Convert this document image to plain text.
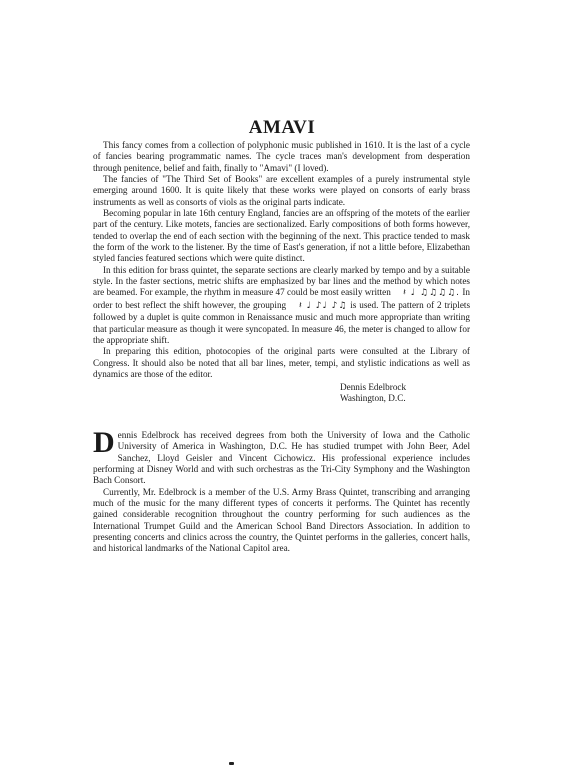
AMAVI

This fancy comes from a collection of polyphonic music published in 1610. It is the last of a cycle of fancies bearing programmatic names. The cycle traces man's development from desperation through penitence, belief and faith, finally to "Amavi" (I loved).

The fancies of "The Third Set of Books" are excellent examples of a purely instrumental style emerging around 1600. It is quite likely that these works were played on consorts of early brass instruments as well as consorts of viols as the original parts indicate.

Becoming popular in late 16th century England, fancies are an offspring of the motets of the earlier part of the century. Like motets, fancies are sectionalized. Early compositions of both forms however, tended to overlap the end of each section with the beginning of the next. This practice tended to mask the form of the work to the listener. By the time of East's generation, if not a little before, Elizabethan styled fancies featured sections which were quite distinct.

In this edition for brass quintet, the separate sections are clearly marked by tempo and by a suitable style. In the faster sections, metric shifts are emphasized by bar lines and the method by which notes are beamed. For example, the rhythm in measure 47 could be most easily written 𝄽 ♩ ♫♫♫♫. In order to best reflect the shift however, the grouping 𝄽 ♩ ♪♩ ♪♫ is used. The pattern of 2 triplets followed by a duplet is quite common in Renaissance music and much more appropriate than writing that particular measure as though it were syncopated. In measure 46, the meter is changed to allow for the appropriate shift.

In preparing this edition, photocopies of the original parts were consulted at the Library of Congress. It should also be noted that all bar lines, meter, tempi, and stylistic indications as well as dynamics are those of the editor.

Dennis Edelbrock
Washington, D.C.

Dennis Edelbrock has received degrees from both the University of Iowa and the Catholic University of America in Washington, D.C. He has studied trumpet with John Beer, Adel Sanchez, Lloyd Geisler and Vincent Cichowicz. His professional experience includes performing at Disney World and with such orchestras as the Tri-City Symphony and the Washington Bach Consort.

Currently, Mr. Edelbrock is a member of the U.S. Army Brass Quintet, transcribing and arranging much of the music for the many different types of concerts it performs. The Quintet has recently gained considerable recognition throughout the country performing for such audiences as the International Trumpet Guild and the American School Band Directors Association. In addition to presenting concerts and clinics across the country, the Quintet performs in the galleries, concert halls, and historical landmarks of the National Capitol area.
